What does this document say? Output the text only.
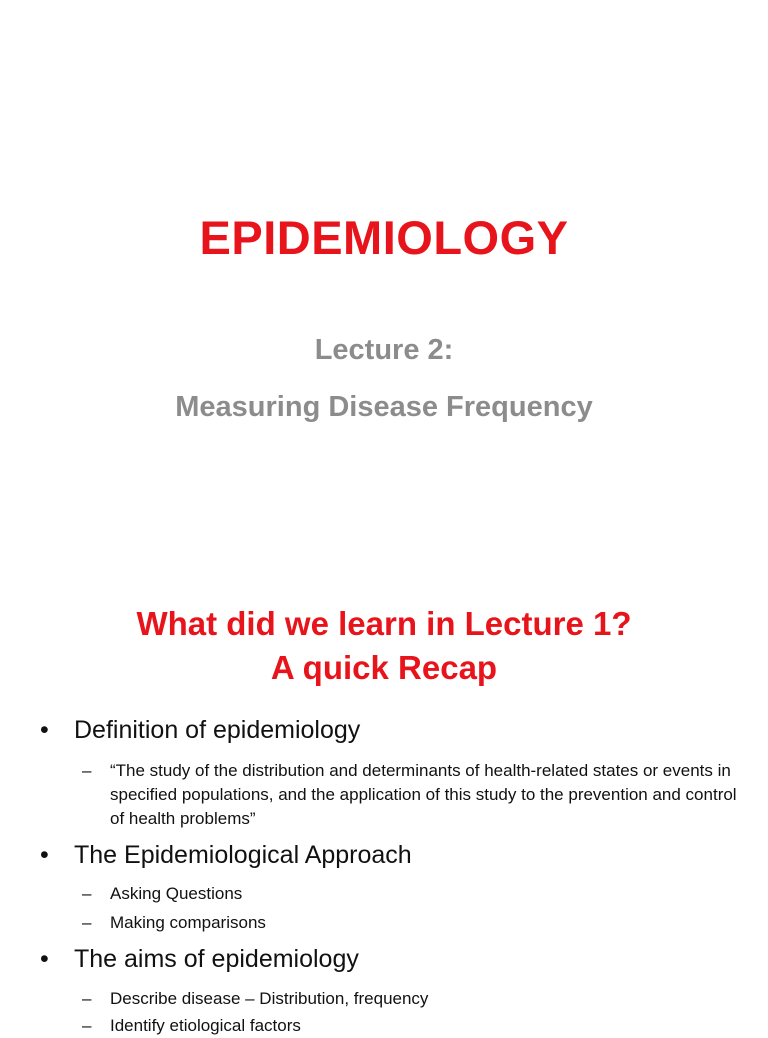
EPIDEMIOLOGY
Lecture 2:
Measuring Disease Frequency
What did we learn in Lecture 1?
A quick Recap
• Definition of epidemiology
– “The study of the distribution and determinants of health-related states or events in specified populations, and the application of this study to the prevention and control of health problems”
• The Epidemiological Approach
– Asking Questions
– Making comparisons
• The aims of epidemiology
– Describe disease – Distribution, frequency
– Identify etiological factors
